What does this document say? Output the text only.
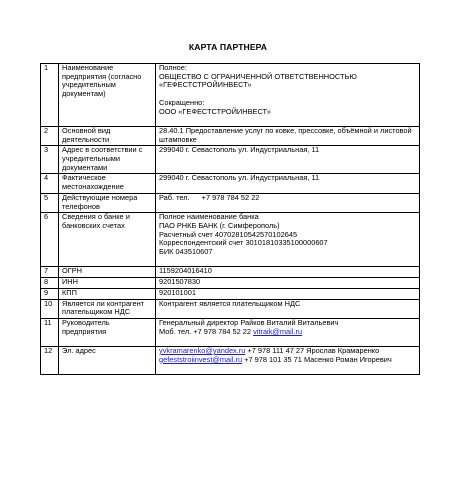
КАРТА ПАРТНЕРА
1	Наименование предприятия (согласно учредительным документам)	Полное:
ОБЩЕСТВО С ОГРАНИЧЕННОЙ ОТВЕТСТВЕННОСТЬЮ «ГЕФЕСТСТРОЙИНВЕСТ»
Сокращенно:
ООО «ГЕФЕСТСТРОЙИНВЕСТ»

2	Основной вид деятельности	28.40.1 Предоставление услуг по ковке, прессовке, объёмной и листовой штамповке
3	Адрес в соответствии с учредительными документами	299040 г. Севастополь ул. Индустриальная, 11
4	Фактическое местонахождение	299040 г. Севастополь ул. Индустриальная, 11
5	Действующие номера телефонов	Раб. тел. +7 978 784 52 22
6	Сведения о банке и банковских счетах	Полное наименование банка
ПАО РНКБ БАНК (г. Симферополь)
Расчетный счет 40702810542570102645
Корреспондентский счет 30101810335100000607
БИК 043510607

7	ОГРН	1159204016410
8	ИНН	9201507830
9	КПП	920101001
10	Является ли контрагент плательщиком НДС	Контрагент является плательщиком НДС
11	Руководитель предприятия	Генеральный директор Райков Виталий Витальевич
Моб. тел. +7 978 784 52 22 vitraik@mail.ru

12	Эл. адрес	yvkramarenko@yandex.ru +7 978 111 47 27 Ярослав Крамаренко
gefeststroiinvest@mail.ru +7 978 101 35 71 Масенко Роман Игоревич
